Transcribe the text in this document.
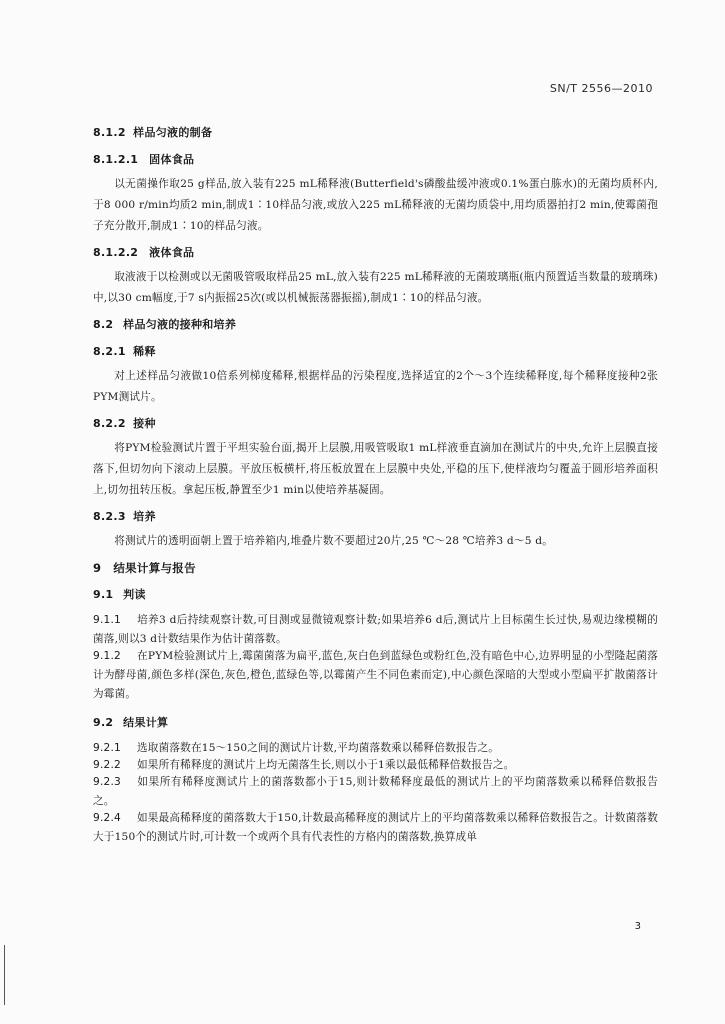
SN/T 2556—2010
8.1.2 样品匀液的制备
8.1.2.1 固体食品

以无菌操作取25 g样品,放入装有225 mL稀释液(Butterfield's磷酸盐缓冲液或0.1%蛋白胨水)的无菌均质杯内,于8 000 r/min均质2 min,制成1∶10样品匀液,或放入225 mL稀释液的无菌均质袋中,用均质器拍打2 min,使霉菌孢子充分散开,制成1∶10的样品匀液。

8.1.2.2 液体食品

取液液于以检测或以无菌吸管吸取样品25 mL,放入装有225 mL稀释液的无菌玻璃瓶(瓶内预置适当数量的玻璃珠)中,以30 cm幅度,于7 s内振摇25次(或以机械振荡器振摇),制成1∶10的样品匀液。

8.2 样品匀液的接种和培养
8.2.1 稀释

对上述样品匀液做10倍系列梯度稀释,根据样品的污染程度,选择适宜的2个～3个连续稀释度,每个稀释度接种2张PYM测试片。

8.2.2 接种

将PYM检验测试片置于平坦实验台面,揭开上层膜,用吸管吸取1 mL样液垂直滴加在测试片的中央,允许上层膜直接落下,但切勿向下滚动上层膜。平放压板横杆,将压板放置在上层膜中央处,平稳的压下,使样液均匀覆盖于圆形培养面积上,切勿扭转压板。拿起压板,静置至少1 min以使培养基凝固。

8.2.3 培养

将测试片的透明面朝上置于培养箱内,堆叠片数不要超过20片,25 ℃～28 ℃培养3 d～5 d。

9 结果计算与报告
9.1 判读

9.1.1 培养3 d后持续观察计数,可目测或显微镜观察计数;如果培养6 d后,测试片上目标菌生长过快,易观边缘模糊的菌落,则以3 d计数结果作为估计菌落数。

9.1.2 在PYM检验测试片上,霉菌菌落为扁平,蓝色,灰白色到蓝绿色或粉红色,没有暗色中心,边界明显的小型隆起菌落计为酵母菌,颜色多样(深色,灰色,橙色,蓝绿色等,以霉菌产生不同色素而定),中心颜色深暗的大型或小型扁平扩散菌落计为霉菌。

9.2 结果计算

9.2.1 选取菌落数在15～150之间的测试片计数,平均菌落数乘以稀释倍数报告之。

9.2.2 如果所有稀释度的测试片上均无菌落生长,则以小于1乘以最低稀释倍数报告之。

9.2.3 如果所有稀释度测试片上的菌落数都小于15,则计数稀释度最低的测试片上的平均菌落数乘以稀释倍数报告之。

9.2.4 如果最高稀释度的菌落数大于150,计数最高稀释度的测试片上的平均菌落数乘以稀释倍数报告之。计数菌落数大于150个的测试片时,可计数一个或两个具有代表性的方格内的菌落数,换算成单

3
